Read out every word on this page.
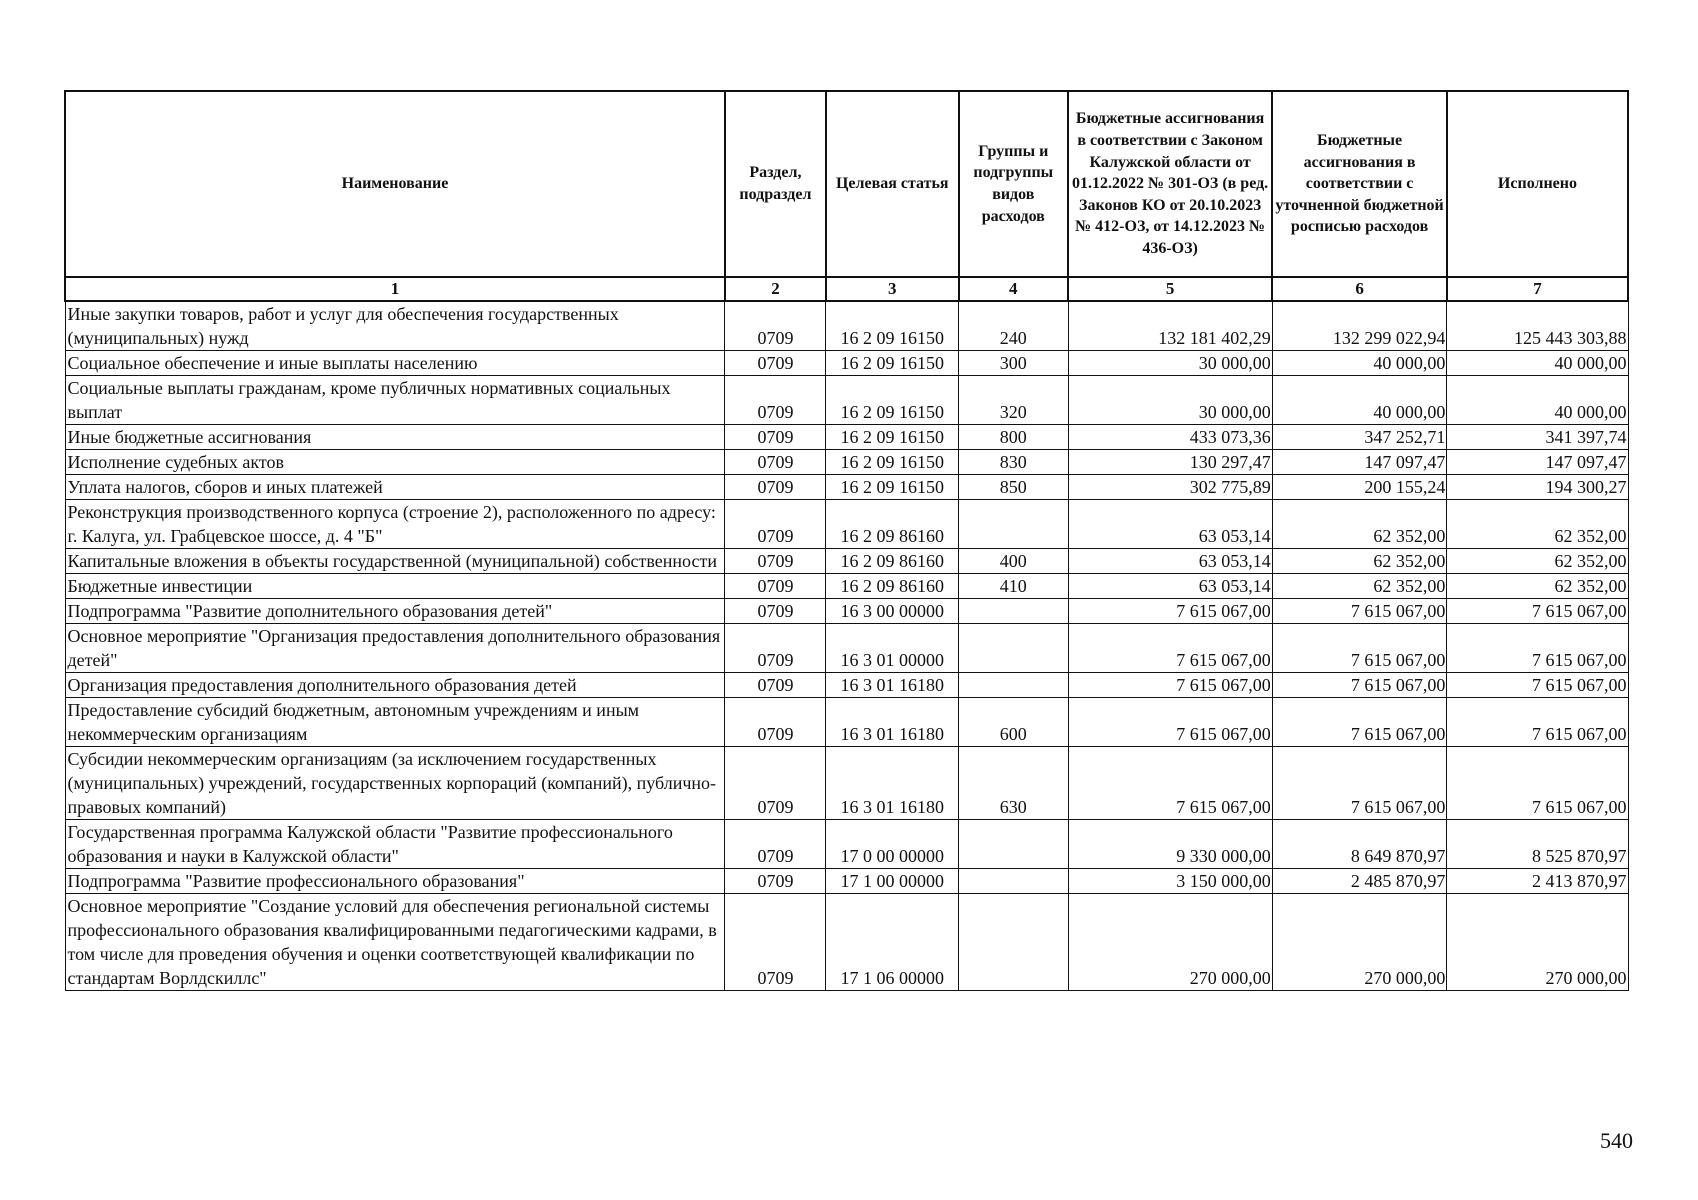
Наименование	Раздел, подраздел	Целевая статья	Группы и подгруппы видов расходов	Бюджетные ассигнования в соответствии с Законом Калужской области от 01.12.2022 № 301-ОЗ (в ред. Законов КО от 20.10.2023 № 412-ОЗ, от 14.12.2023 № 436-ОЗ)	Бюджетные ассигнования в соответствии с уточненной бюджетной росписью расходов	Исполнено
1	2	3	4	5	6	7
Иные закупки товаров, работ и услуг для обеспечения государственных (муниципальных) нужд	0709	16 2 09 16150	240	132 181 402,29	132 299 022,94	125 443 303,88
Социальное обеспечение и иные выплаты населению	0709	16 2 09 16150	300	30 000,00	40 000,00	40 000,00
Социальные выплаты гражданам, кроме публичных нормативных социальных выплат	0709	16 2 09 16150	320	30 000,00	40 000,00	40 000,00
Иные бюджетные ассигнования	0709	16 2 09 16150	800	433 073,36	347 252,71	341 397,74
Исполнение судебных актов	0709	16 2 09 16150	830	130 297,47	147 097,47	147 097,47
Уплата налогов, сборов и иных платежей	0709	16 2 09 16150	850	302 775,89	200 155,24	194 300,27
Реконструкция производственного корпуса (строение 2), расположенного по адресу: г. Калуга, ул. Грабцевское шоссе, д. 4 "Б"	0709	16 2 09 86160		63 053,14	62 352,00	62 352,00
Капитальные вложения в объекты государственной (муниципальной) собственности	0709	16 2 09 86160	400	63 053,14	62 352,00	62 352,00
Бюджетные инвестиции	0709	16 2 09 86160	410	63 053,14	62 352,00	62 352,00
Подпрограмма "Развитие дополнительного образования детей"	0709	16 3 00 00000		7 615 067,00	7 615 067,00	7 615 067,00
Основное мероприятие "Организация предоставления дополнительного образования детей"	0709	16 3 01 00000		7 615 067,00	7 615 067,00	7 615 067,00
Организация предоставления дополнительного образования детей	0709	16 3 01 16180		7 615 067,00	7 615 067,00	7 615 067,00
Предоставление субсидий бюджетным, автономным учреждениям и иным некоммерческим организациям	0709	16 3 01 16180	600	7 615 067,00	7 615 067,00	7 615 067,00
Субсидии некоммерческим организациям (за исключением государственных (муниципальных) учреждений, государственных корпораций (компаний), публично-правовых компаний)	0709	16 3 01 16180	630	7 615 067,00	7 615 067,00	7 615 067,00
Государственная программа Калужской области "Развитие профессионального образования и науки в Калужской области"	0709	17 0 00 00000		9 330 000,00	8 649 870,97	8 525 870,97
Подпрограмма "Развитие профессионального образования"	0709	17 1 00 00000		3 150 000,00	2 485 870,97	2 413 870,97
Основное мероприятие "Создание условий для обеспечения региональной системы профессионального образования квалифицированными педагогическими кадрами, в том числе для проведения обучения и оценки соответствующей квалификации по стандартам Ворлдскиллс"	0709	17 1 06 00000		270 000,00	270 000,00	270 000,00
540
